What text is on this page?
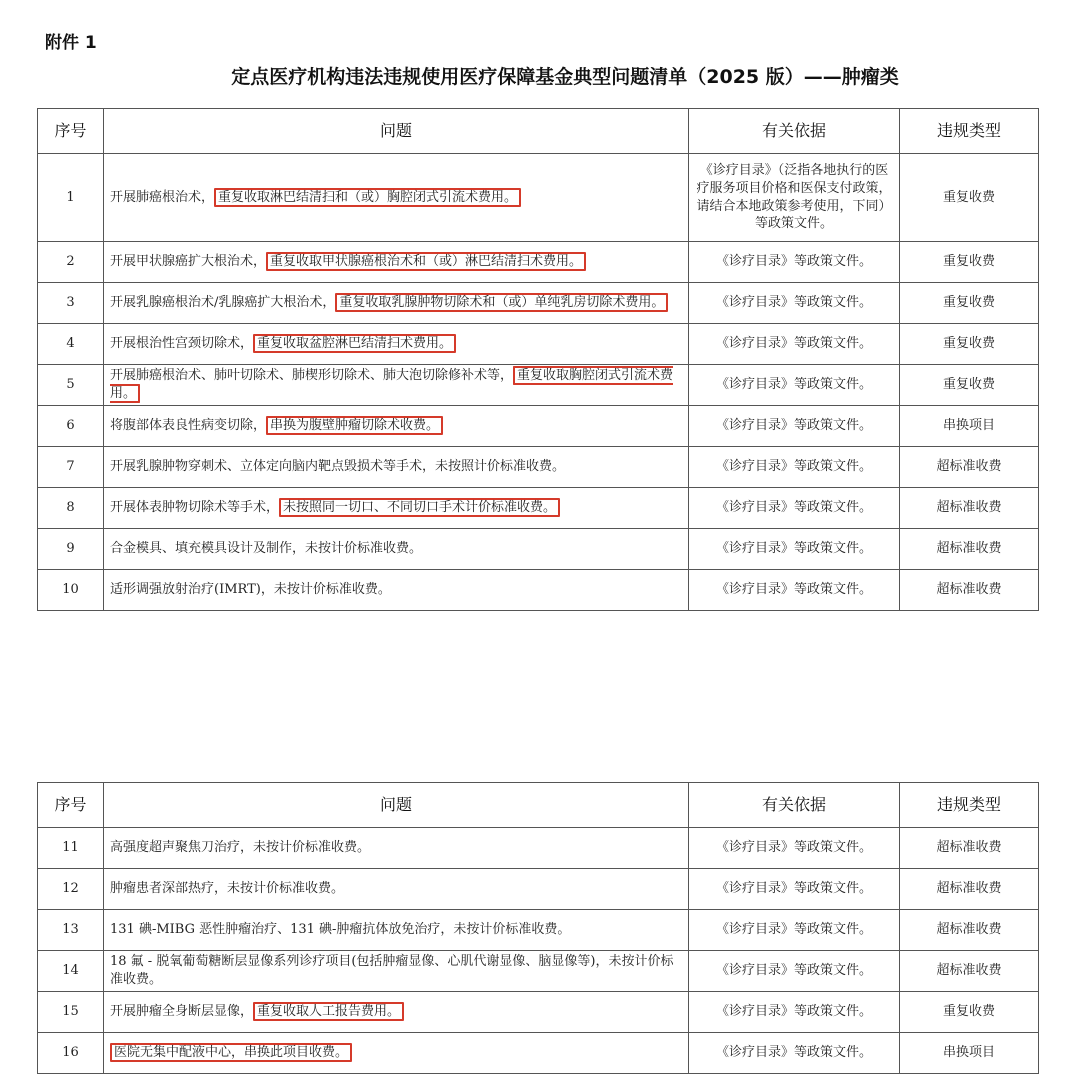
附件 1
定点医疗机构违法违规使用医疗保障基金典型问题清单（2025 版）——肿瘤类
序号	问题	有关依据	违规类型
1	开展肺癌根治术， 重复收取淋巴结清扫和（或）胸腔闭式引流术费用。	《诊疗目录》（泛指各地执行的医疗服务项目价格和医保支付政策，请结合本地政策参考使用，下同）等政策文件。	重复收费
2	开展甲状腺癌扩大根治术， 重复收取甲状腺癌根治术和（或）淋巴结清扫术费用。	《诊疗目录》等政策文件。	重复收费
3	开展乳腺癌根治术/乳腺癌扩大根治术， 重复收取乳腺肿物切除术和（或）单纯乳房切除术费用。	《诊疗目录》等政策文件。	重复收费
4	开展根治性宫颈切除术， 重复收取盆腔淋巴结清扫术费用。	《诊疗目录》等政策文件。	重复收费
5	开展肺癌根治术、肺叶切除术、肺楔形切除术、肺大泡切除修补术等， 重复收取胸腔闭式引流术费用。	《诊疗目录》等政策文件。	重复收费
6	将腹部体表良性病变切除， 串换为腹壁肿瘤切除术收费。	《诊疗目录》等政策文件。	串换项目
7	开展乳腺肿物穿刺术、立体定向脑内靶点毁损术等手术，未按照计价标准收费。	《诊疗目录》等政策文件。	超标准收费
8	开展体表肿物切除术等手术， 未按照同一切口、不同切口手术计价标准收费。	《诊疗目录》等政策文件。	超标准收费
9	合金模具、填充模具设计及制作，未按计价标准收费。	《诊疗目录》等政策文件。	超标准收费
10	适形调强放射治疗(IMRT)，未按计价标准收费。	《诊疗目录》等政策文件。	超标准收费
序号	问题	有关依据	违规类型
11	高强度超声聚焦刀治疗，未按计价标准收费。	《诊疗目录》等政策文件。	超标准收费
12	肿瘤患者深部热疗，未按计价标准收费。	《诊疗目录》等政策文件。	超标准收费
13	131 碘-MIBG 恶性肿瘤治疗、131 碘-肿瘤抗体放免治疗，未按计价标准收费。	《诊疗目录》等政策文件。	超标准收费
14	18 氟 - 脱氧葡萄糖断层显像系列诊疗项目(包括肿瘤显像、心肌代谢显像、脑显像等)，未按计价标准收费。	《诊疗目录》等政策文件。	超标准收费
15	开展肿瘤全身断层显像， 重复收取人工报告费用。	《诊疗目录》等政策文件。	重复收费
16	医院无集中配液中心，串换此项目收费。	《诊疗目录》等政策文件。	串换项目
